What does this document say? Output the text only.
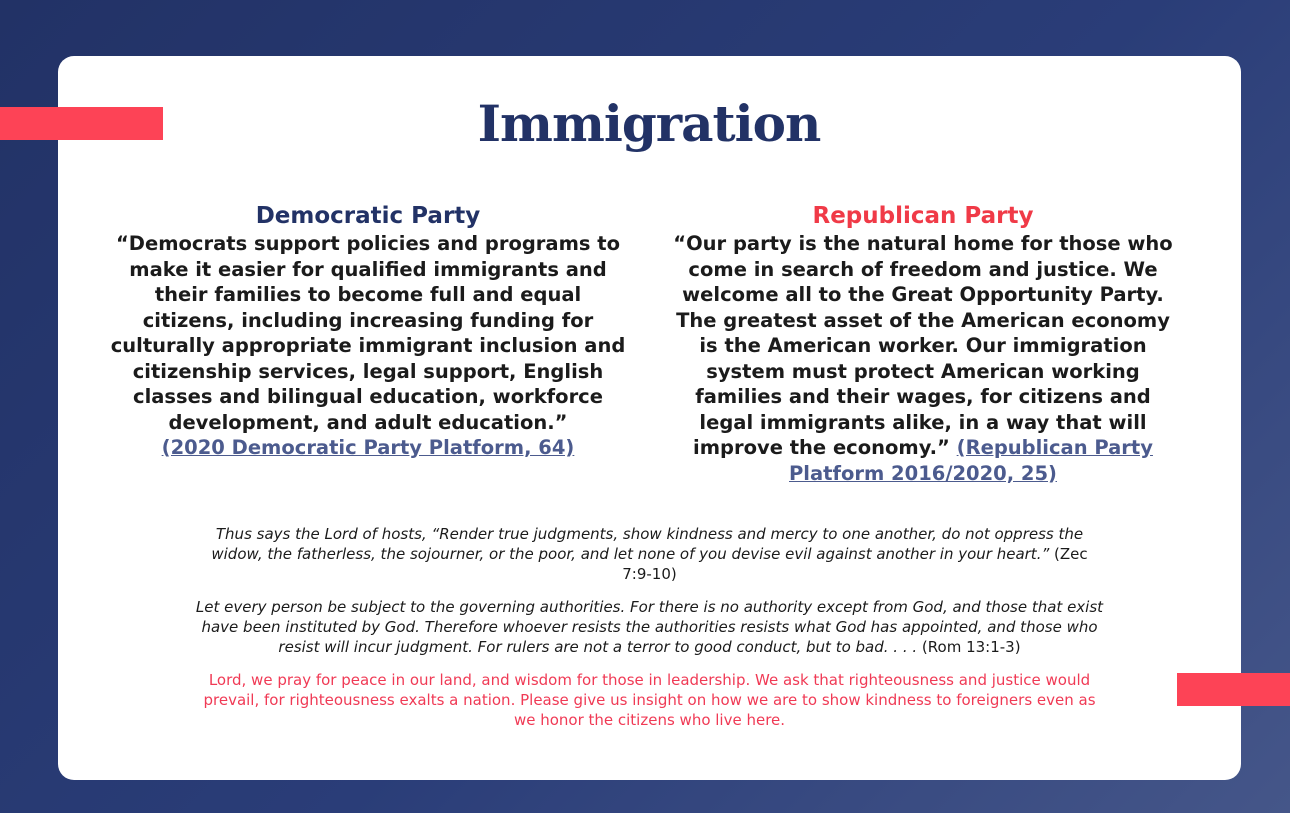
Immigration
Democratic Party
“Democrats support policies and programs to make it easier for qualified immigrants and their families to become full and equal citizens, including increasing funding for culturally appropriate immigrant inclusion and citizenship services, legal support, English classes and bilingual education, workforce development, and adult education.”
(2020 Democratic Party Platform, 64)
Republican Party
“Our party is the natural home for those who come in search of freedom and justice. We welcome all to the Great Opportunity Party. The greatest asset of the American economy is the American worker. Our immigration system must protect American working families and their wages, for citizens and legal immigrants alike, in a way that will improve the economy.” (Republican Party Platform 2016/2020, 25)

Thus says the Lord of hosts, “Render true judgments, show kindness and mercy to one another, do not oppress the widow, the fatherless, the sojourner, or the poor, and let none of you devise evil against another in your heart.” (Zec 7:9-10)

Let every person be subject to the governing authorities. For there is no authority except from God, and those that exist have been instituted by God. Therefore whoever resists the authorities resists what God has appointed, and those who resist will incur judgment. For rulers are not a terror to good conduct, but to bad. . . . (Rom 13:1-3)

Lord, we pray for peace in our land, and wisdom for those in leadership. We ask that righteousness and justice would prevail, for righteousness exalts a nation. Please give us insight on how we are to show kindness to foreigners even as we honor the citizens who live here.
